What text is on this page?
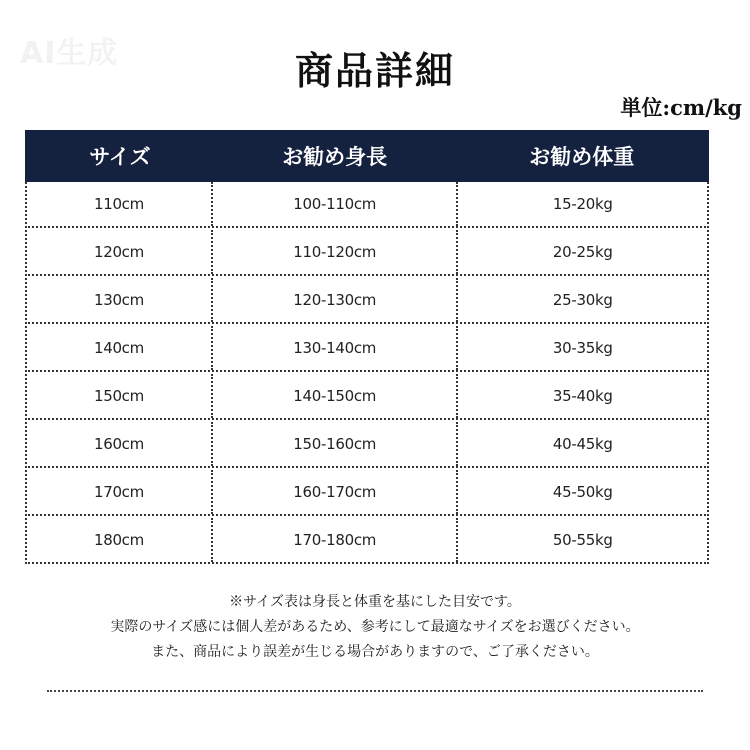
AI生成	商品詳細
単位:cm/kg
サイズ	お勧め身長	お勧め体重
110cm	100-110cm	15-20kg
120cm	110-120cm	20-25kg
130cm	120-130cm	25-30kg
140cm	130-140cm	30-35kg
150cm	140-150cm	35-40kg
160cm	150-160cm	40-45kg
170cm	160-170cm	45-50kg
180cm	170-180cm	50-55kg
※サイズ表は身長と体重を基にした目安です。
実際のサイズ感には個人差があるため、参考にして最適なサイズをお選びください。
また、商品により誤差が生じる場合がありますので、ご了承ください。
